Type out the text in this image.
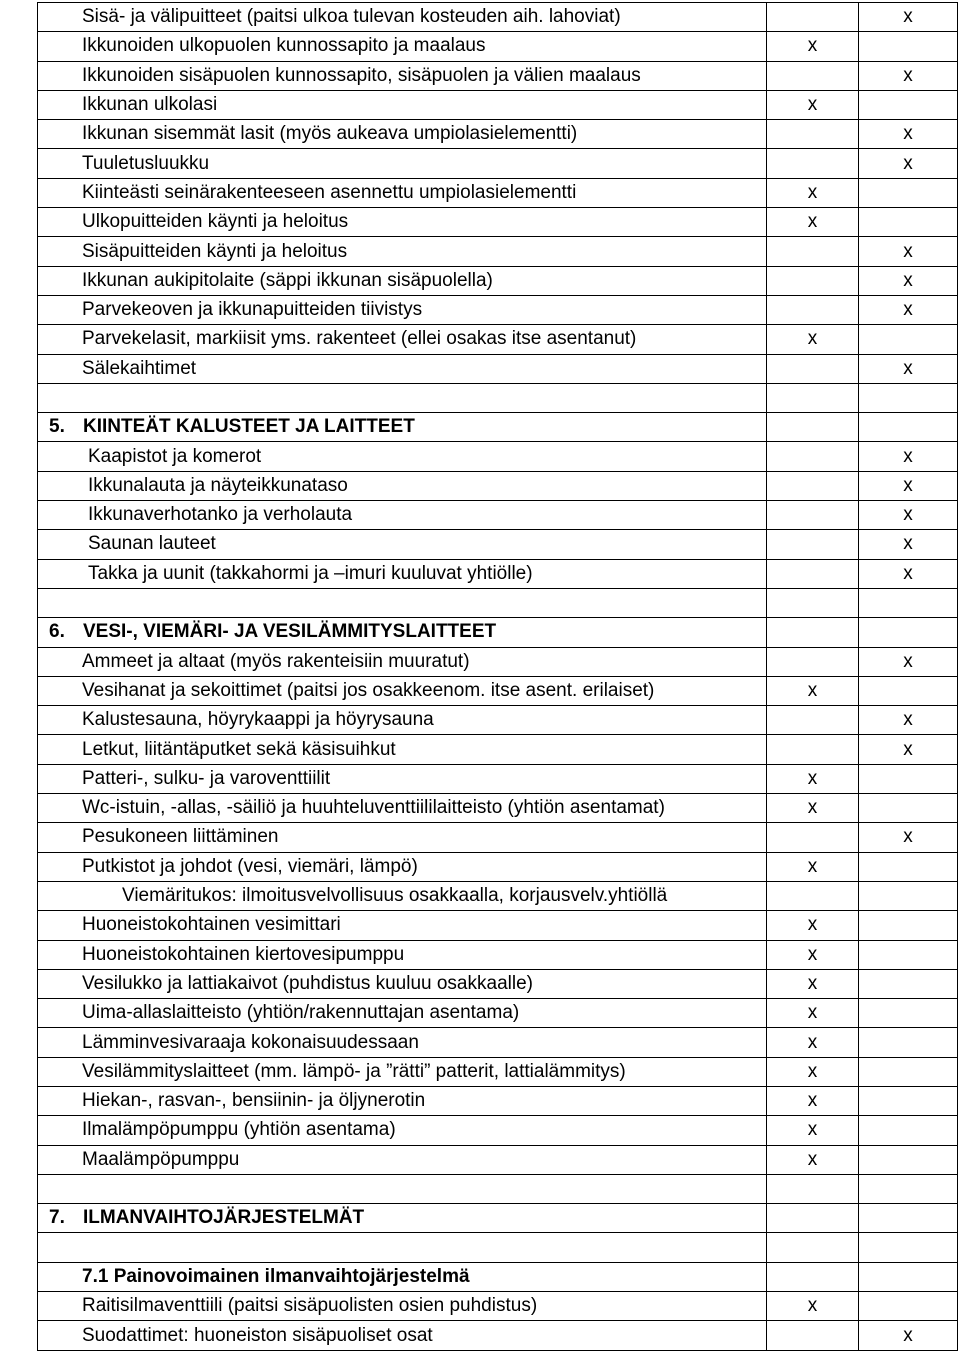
Sisä- ja välipuitteet (paitsi ulkoa tulevan kosteuden aih. lahoviat)		x
Ikkunoiden ulkopuolen kunnossapito ja maalaus	x	
Ikkunoiden sisäpuolen kunnossapito, sisäpuolen ja välien maalaus		x
Ikkunan ulkolasi	x	
Ikkunan sisemmät lasit (myös aukeava umpiolasielementti)		x
Tuuletusluukku		x
Kiinteästi seinärakenteeseen asennettu umpiolasielementti	x	
Ulkopuitteiden käynti ja heloitus	x	
Sisäpuitteiden käynti ja heloitus		x
Ikkunan aukipitolaite (säppi ikkunan sisäpuolella)		x
Parvekeoven ja ikkunapuitteiden tiivistys		x
Parvekelasit, markiisit yms. rakenteet (ellei osakas itse asentanut)	x	
Sälekaihtimet		x

5. KIINTEÄT KALUSTEET JA LAITTEET		
Kaapistot ja komerot		x
Ikkunalauta ja näyteikkunataso		x
Ikkunaverhotanko ja verholauta		x
Saunan lauteet		x
Takka ja uunit (takkahormi ja –imuri kuuluvat yhtiölle)		x

6. VESI-, VIEMÄRI- JA VESILÄMMITYSLAITTEET		
Ammeet ja altaat (myös rakenteisiin muuratut)		x
Vesihanat ja sekoittimet (paitsi jos osakkeenom. itse asent. erilaiset)	x	
Kalustesauna, höyrykaappi ja höyrysauna		x
Letkut, liitäntäputket sekä käsisuihkut		x
Patteri-, sulku- ja varoventtiilit	x	
Wc-istuin, -allas, -säiliö ja huuhteluventtiililaitteisto (yhtiön asentamat)	x	
Pesukoneen liittäminen		x
Putkistot ja johdot (vesi, viemäri, lämpö)	x	
Viemäritukos: ilmoitusvelvollisuus osakkaalla, korjausvelv.yhtiöllä		
Huoneistokohtainen vesimittari	x	
Huoneistokohtainen kiertovesipumppu	x	
Vesilukko ja lattiakaivot (puhdistus kuuluu osakkaalle)	x	
Uima-allaslaitteisto (yhtiön/rakennuttajan asentama)	x	
Lämminvesivaraaja kokonaisuudessaan	x	
Vesilämmityslaitteet (mm. lämpö- ja ”rätti” patterit, lattialämmitys)	x	
Hiekan-, rasvan-, bensiinin- ja öljynerotin	x	
Ilmalämpöpumppu (yhtiön asentama)	x	
Maalämpöpumppu	x	

7. ILMANVAIHTOJÄRJESTELMÄT		

7.1 Painovoimainen ilmanvaihtojärjestelmä		
Raitisilmaventtiili (paitsi sisäpuolisten osien puhdistus)	x	
Suodattimet: huoneiston sisäpuoliset osat		x
